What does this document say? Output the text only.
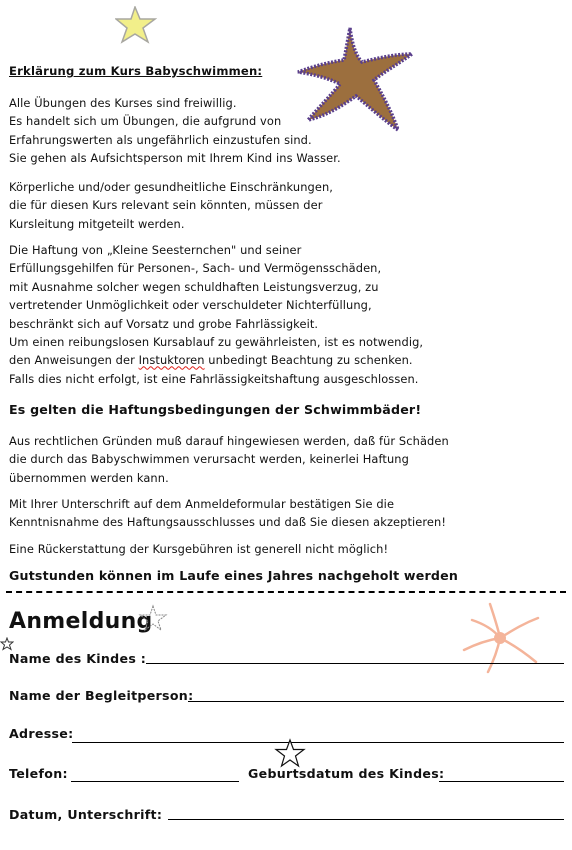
Erklärung zum Kurs Babyschwimmen:
Alle Übungen des Kurses sind freiwillig.
Es handelt sich um Übungen, die aufgrund von
Erfahrungswerten als ungefährlich einzustufen sind.
Sie gehen als Aufsichtsperson mit Ihrem Kind ins Wasser.
Körperliche und/oder gesundheitliche Einschränkungen,
die für diesen Kurs relevant sein könnten, müssen der
Kursleitung mitgeteilt werden.
Die Haftung von „Kleine Seesternchen" und seiner
Erfüllungsgehilfen für Personen-, Sach- und Vermögensschäden,
mit Ausnahme solcher wegen schuldhaften Leistungsverzug, zu
vertretender Unmöglichkeit oder verschuldeter Nichterfüllung,
beschränkt sich auf Vorsatz und grobe Fahrlässigkeit.
Um einen reibungslosen Kursablauf zu gewährleisten, ist es notwendig,
den Anweisungen der Instuktoren unbedingt Beachtung zu schenken.
Falls dies nicht erfolgt, ist eine Fahrlässigkeitshaftung ausgeschlossen.
Es gelten die Haftungsbedingungen der Schwimmbäder!
Aus rechtlichen Gründen muß darauf hingewiesen werden, daß für Schäden
die durch das Babyschwimmen verursacht werden, keinerlei Haftung
übernommen werden kann.
Mit Ihrer Unterschrift auf dem Anmeldeformular bestätigen Sie die
Kenntnisnahme des Haftungsausschlusses und daß Sie diesen akzeptieren!
Eine Rückerstattung der Kursgebühren ist generell nicht möglich!
Gutstunden können im Laufe eines Jahres nachgeholt werden
Anmeldung
Name des Kindes :
Name der Begleitperson:
Adresse:
Telefon:	Geburtsdatum des Kindes:
Datum, Unterschrift:
